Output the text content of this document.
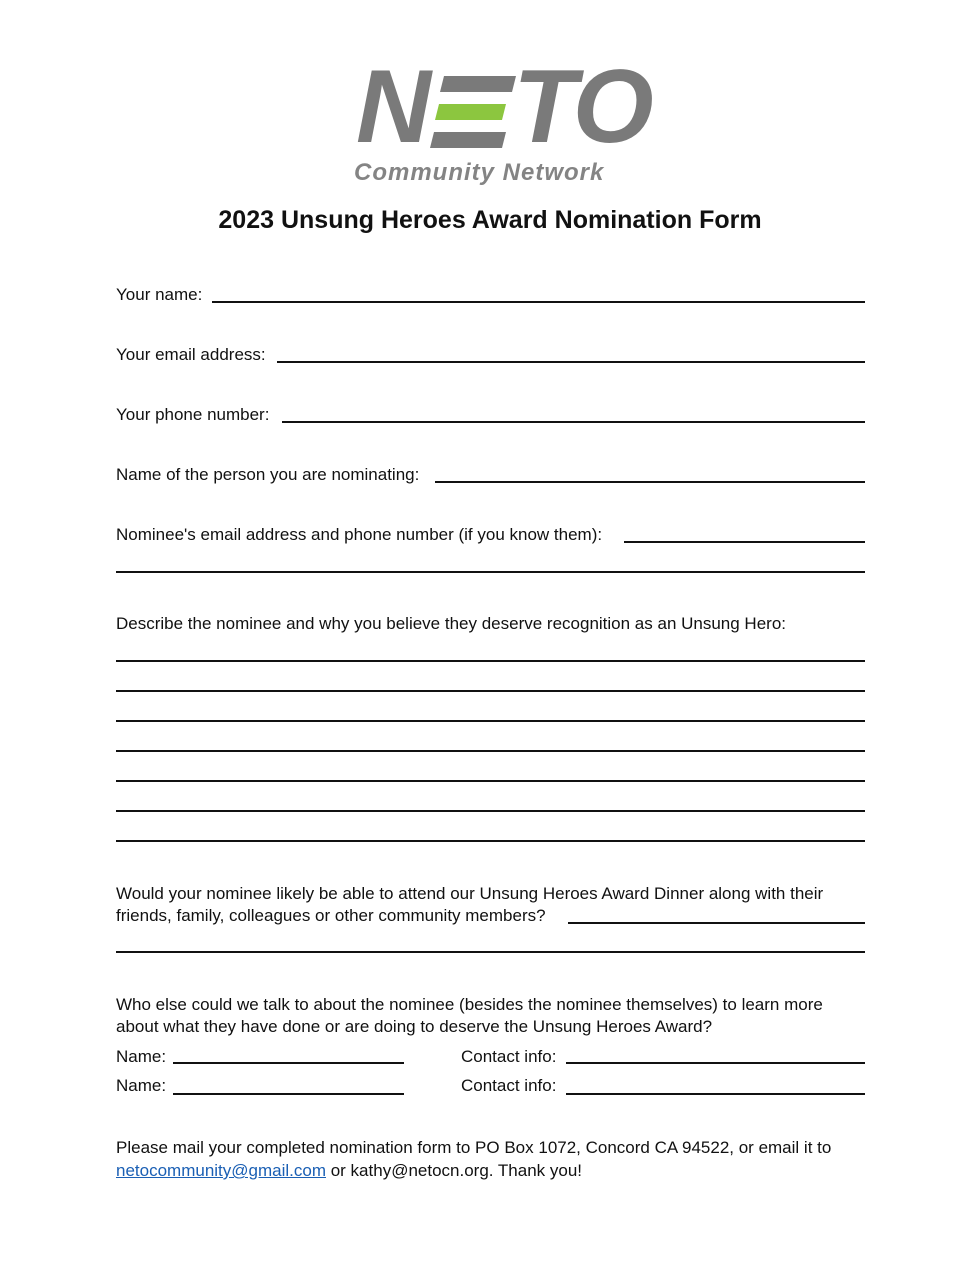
N TO
Community Network
2023 Unsung Heroes Award Nomination Form
Your name:
Your email address:
Your phone number:
Name of the person you are nominating:
Nominee's email address and phone number (if you know them):
Describe the nominee and why you believe they deserve recognition as an Unsung Hero:
Would your nominee likely be able to attend our Unsung Heroes Award Dinner along with their
friends, family, colleagues or other community members?
Who else could we talk to about the nominee (besides the nominee themselves) to learn more
about what they have done or are doing to deserve the Unsung Heroes Award?
Name:	Contact info:
Name:	Contact info:
Please mail your completed nomination form to PO Box 1072, Concord CA 94522, or email it to
netocommunity@gmail.com or kathy@netocn.org. Thank you!
